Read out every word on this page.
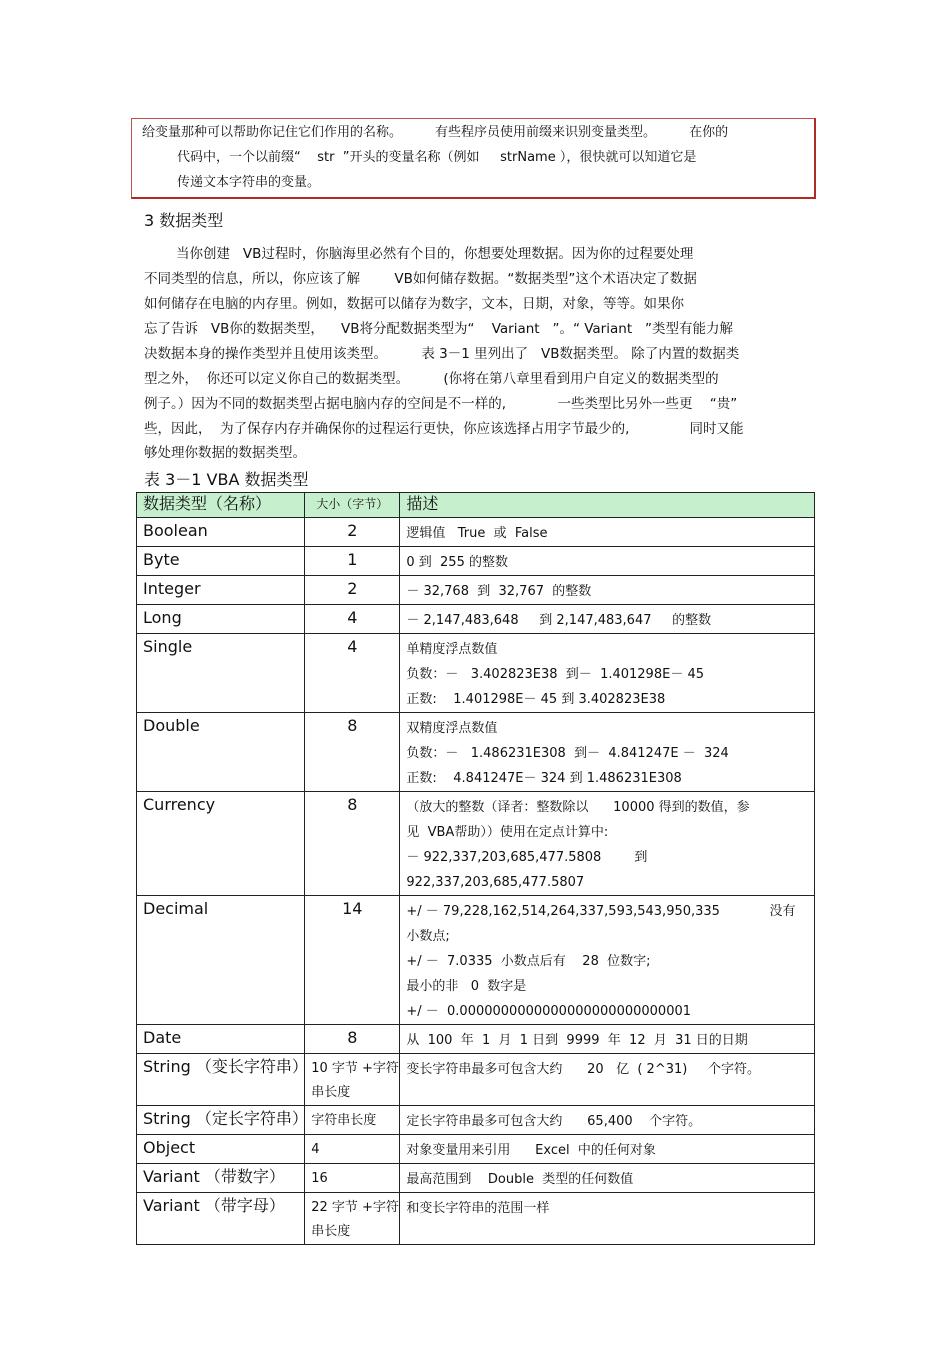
给变量那种可以帮助你记住它们作用的名称。        有些程序员使用前缀来识别变量类型。        在你的
代码中，一个以前缀“    str  ”开头的变量名称（例如     strName ），很快就可以知道它是
传递文本字符串的变量。
3 数据类型
当你创建   VB过程时，你脑海里必然有个目的，你想要处理数据。因为你的过程要处理
不同类型的信息，所以，你应该了解        VB如何储存数据。“数据类型”这个术语决定了数据
如何储存在电脑的内存里。例如，数据可以储存为数字，文本，日期，对象，等等。如果你
忘了告诉   VB你的数据类型，    VB将分配数据类型为“    Variant   ”。“ Variant   ”类型有能力解
决数据本身的操作类型并且使用该类型。        表 3－1 里列出了   VB数据类型。 除了内置的数据类
型之外，  你还可以定义你自己的数据类型。        (你将在第八章里看到用户自定义的数据类型的
例子。）因为不同的数据类型占据电脑内存的空间是不一样的,            一些类型比另外一些更    “贵”
些，因此，  为了保存内存并确保你的过程运行更快，你应该选择占用字节最少的,              同时又能
够处理你数据的数据类型。
表 3－1 VBA 数据类型
数据类型（名称）	大小（字节）	描述
Boolean	2	逻辑值   True  或  False

Byte	1	0 到  255 的整数

Integer	2	－ 32,768  到  32,767  的整数

Long	4	－ 2,147,483,648     到 2,147,483,647     的整数

Single	4	单精度浮点数值
负数：－   3.402823E38  到－  1.401298E－ 45
正数:    1.401298E－ 45 到 3.402823E38

Double	8	双精度浮点数值
负数：－   1.486231E308  到－  4.841247E －  324
正数:    4.841247E－ 324 到 1.486231E308

Currency	8	（放大的整数（译者：整数除以      10000 得到的数值，参
见  VBA帮助））使用在定点计算中:
－ 922,337,203,685,477.5808        到
922,337,203,685,477.5807

Decimal	14	+/ － 79,228,162,514,264,337,593,543,950,335            没有
小数点;
+/ －  7.0335  小数点后有    28  位数字;
最小的非   0  数字是
+/ －  0.0000000000000000000000000001

Date	8	从  100  年  1  月  1 日到  9999  年  12  月  31 日的日期

String （变长字符串）	10 字节 +字符串长度	变长字符串最多可包含大约      20   亿  ( 2^31)     个字符。

String （定长字符串）	字符串长度	定长字符串最多可包含大约      65,400    个字符。

Object	4	对象变量用来引用      Excel  中的任何对象

Variant （带数字）	16	最高范围到    Double  类型的任何数值

Variant （带字母）	22 字节 +字符串长度	和变长字符串的范围一样
